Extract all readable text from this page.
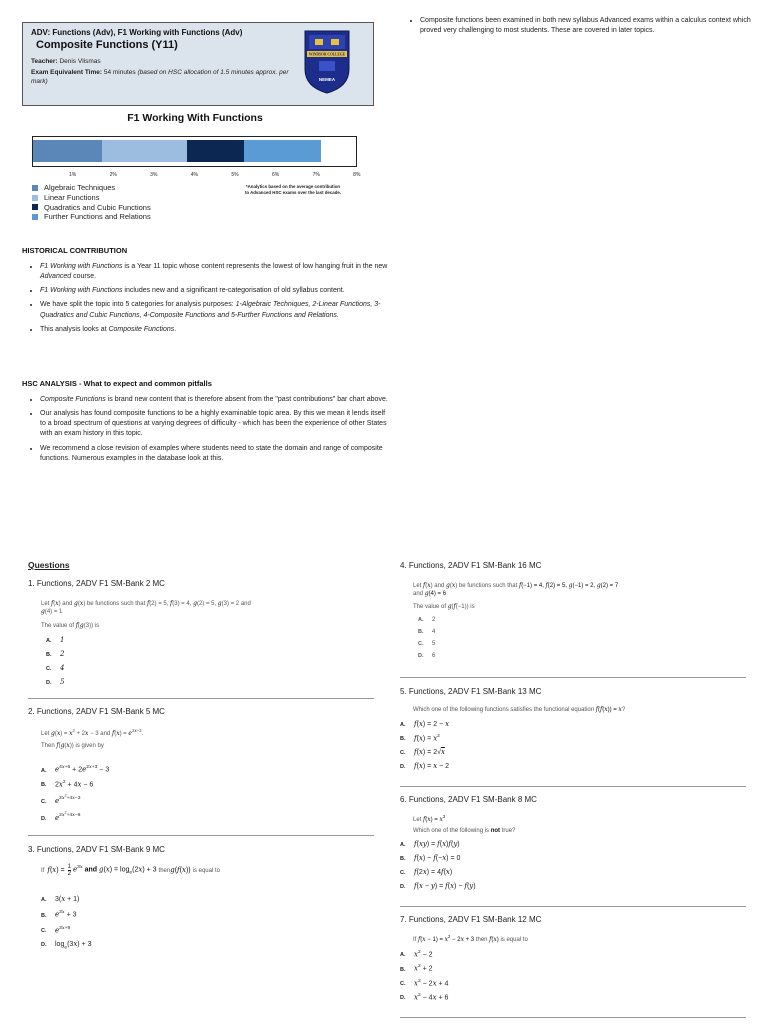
ADV: Functions (Adv), F1 Working with Functions (Adv)
Composite Functions (Y11)
Teacher: Denis Vlismas
Exam Equivalent Time: 54 minutes (based on HSC allocation of 1.5 minutes approx. per mark)
WINDSOR COLLEGE
NEMEA
F1 Working With Functions
1%	2%	3%	4%	5%	6%	7%	8%
Algebraic Techniques
Linear Functions
Quadratics and Cubic Functions
Further Functions and Relations
*Analytics based on the average contribution to Advanced HSC exams over the last decade.
HISTORICAL CONTRIBUTION
• F1 Working with Functions is a Year 11 topic whose content represents the lowest of low hanging fruit in the new Advanced course.
• F1 Working with Functions includes new and a significant re-categorisation of old syllabus content.
• We have split the topic into 5 categories for analysis purposes: 1-Algebraic Techniques, 2-Linear Functions, 3-Quadratics and Cubic Functions, 4-Composite Functions and 5-Further Functions and Relations.
• This analysis looks at Composite Functions.
HSC ANALYSIS - What to expect and common pitfalls
• Composite Functions is brand new content that is therefore absent from the "past contributions" bar chart above.
• Our analysis has found composite functions to be a highly examinable topic area. By this we mean it lends itself to a broad spectrum of questions at varying degrees of difficulty - which has been the experience of other States with an exam history in this topic.
• We recommend a close revision of examples where students need to state the domain and range of composite functions. Numerous examples in the database look at this.
• Composite functions been examined in both new syllabus Advanced exams within a calculus context which proved very challenging to most students. These are covered in later topics.
Questions
1. Functions, 2ADV F1 SM-Bank 2 MC
Let f(x) and g(x) be functions such that f(2) = 5, f(3) = 4, g(2) = 5, g(3) = 2 and
g(4) = 1
The value of f(g(3)) is
A.	1
B.	2
C.	4
D.	5
2. Functions, 2ADV F1 SM-Bank 5 MC
Let $g(x) = x^2 + 2x - 3$ and $f(x) = e^{2x+3}$.
Then f(g(x)) is given by
A.	$e^{4x+6} + 2e^{2x+3} - 3$
B.	$2x^2 + 4x - 6$
C.	$e^{2x^2+4x-3}$
D.	$e^{2x^2+4x-6}$
3. Functions, 2ADV F1 SM-Bank 9 MC
If $f(x) = \frac{1}{2} e^{3x}$ and $g(x) = \log_e(2x) + 3$ then g(f(x)) is equal to
A.	3(x + 1)
B.	$e^{3x} + 3$
C.	$e^{3x+9}$
D.	$\log_e(3x) + 3$
4. Functions, 2ADV F1 SM-Bank 16 MC
Let f(x) and g(x) be functions such that f(−1) = 4, f(2) = 5, g(−1) = 2, g(2) = 7
and g(4) = 6
The value of g(f(−1)) is
A.	2
B.	4
C.	5
D.	6
5. Functions, 2ADV F1 SM-Bank 13 MC
Which one of the following functions satisfies the functional equation f(f(x)) = x?
A.	f(x) = 2 − x
B.	$f(x) = x^2$
C.	f(x) = 2√x
D.	f(x) = x − 2
6. Functions, 2ADV F1 SM-Bank 8 MC
Let $f(x) = x^3$
Which one of the following is not true?
A.	f(xy) = f(x)f(y)
B.	f(x) − f(−x) = 0
C.	f(2x) = 4f(x)
D.	f(x − y) = f(x) − f(y)
7. Functions, 2ADV F1 SM-Bank 12 MC
If $f(x - 1) = x^2 - 2x + 3$ then f(x) is equal to
A.	$x^2 - 2$
B.	$x^2 + 2$
C.	$x^2 - 2x + 4$
D.	$x^2 - 4x + 6$
